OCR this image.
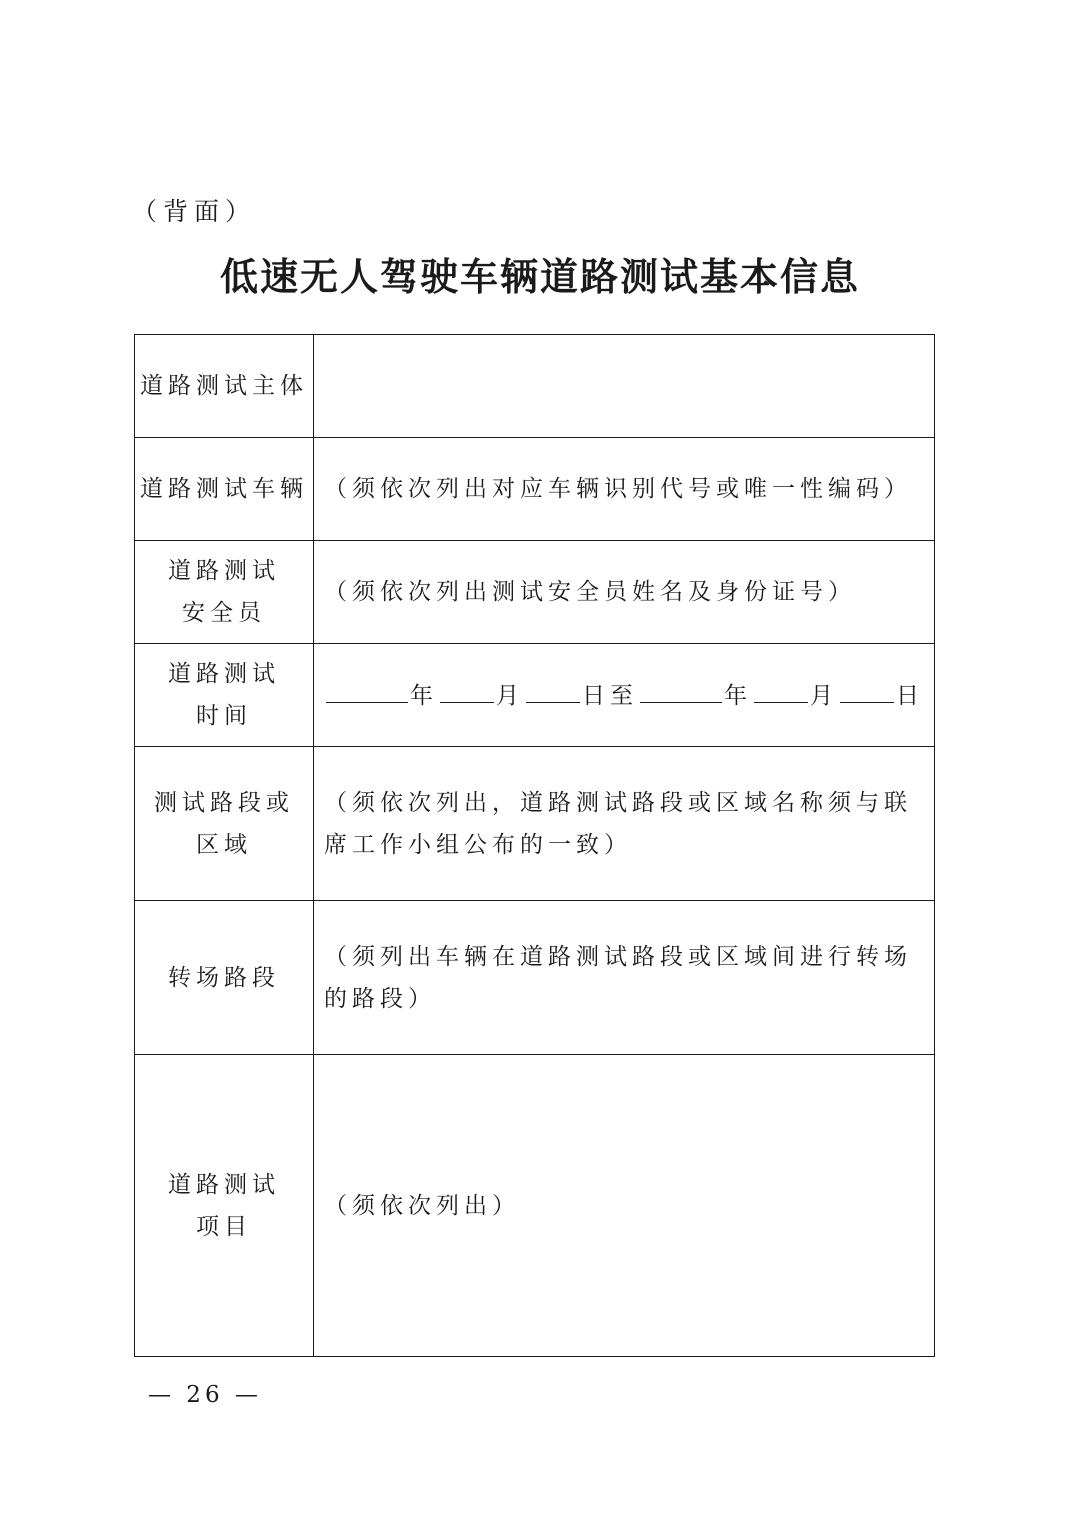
（背面）
低速无人驾驶车辆道路测试基本信息
道路测试主体	
道路测试车辆	（须依次列出对应车辆识别代号或唯一性编码）

道路测试
安全员	（须依次列出测试安全员姓名及身份证号）

道路测试
时间	年 月 日至 年 月 日

测试路段或
区域	（须依次列出，道路测试路段或区域名称须与联席工作小组公布的一致）
转场路段	（须列出车辆在道路测试路段或区域间进行转场的路段）

道路测试
项目	（须依次列出）
— 26 —
